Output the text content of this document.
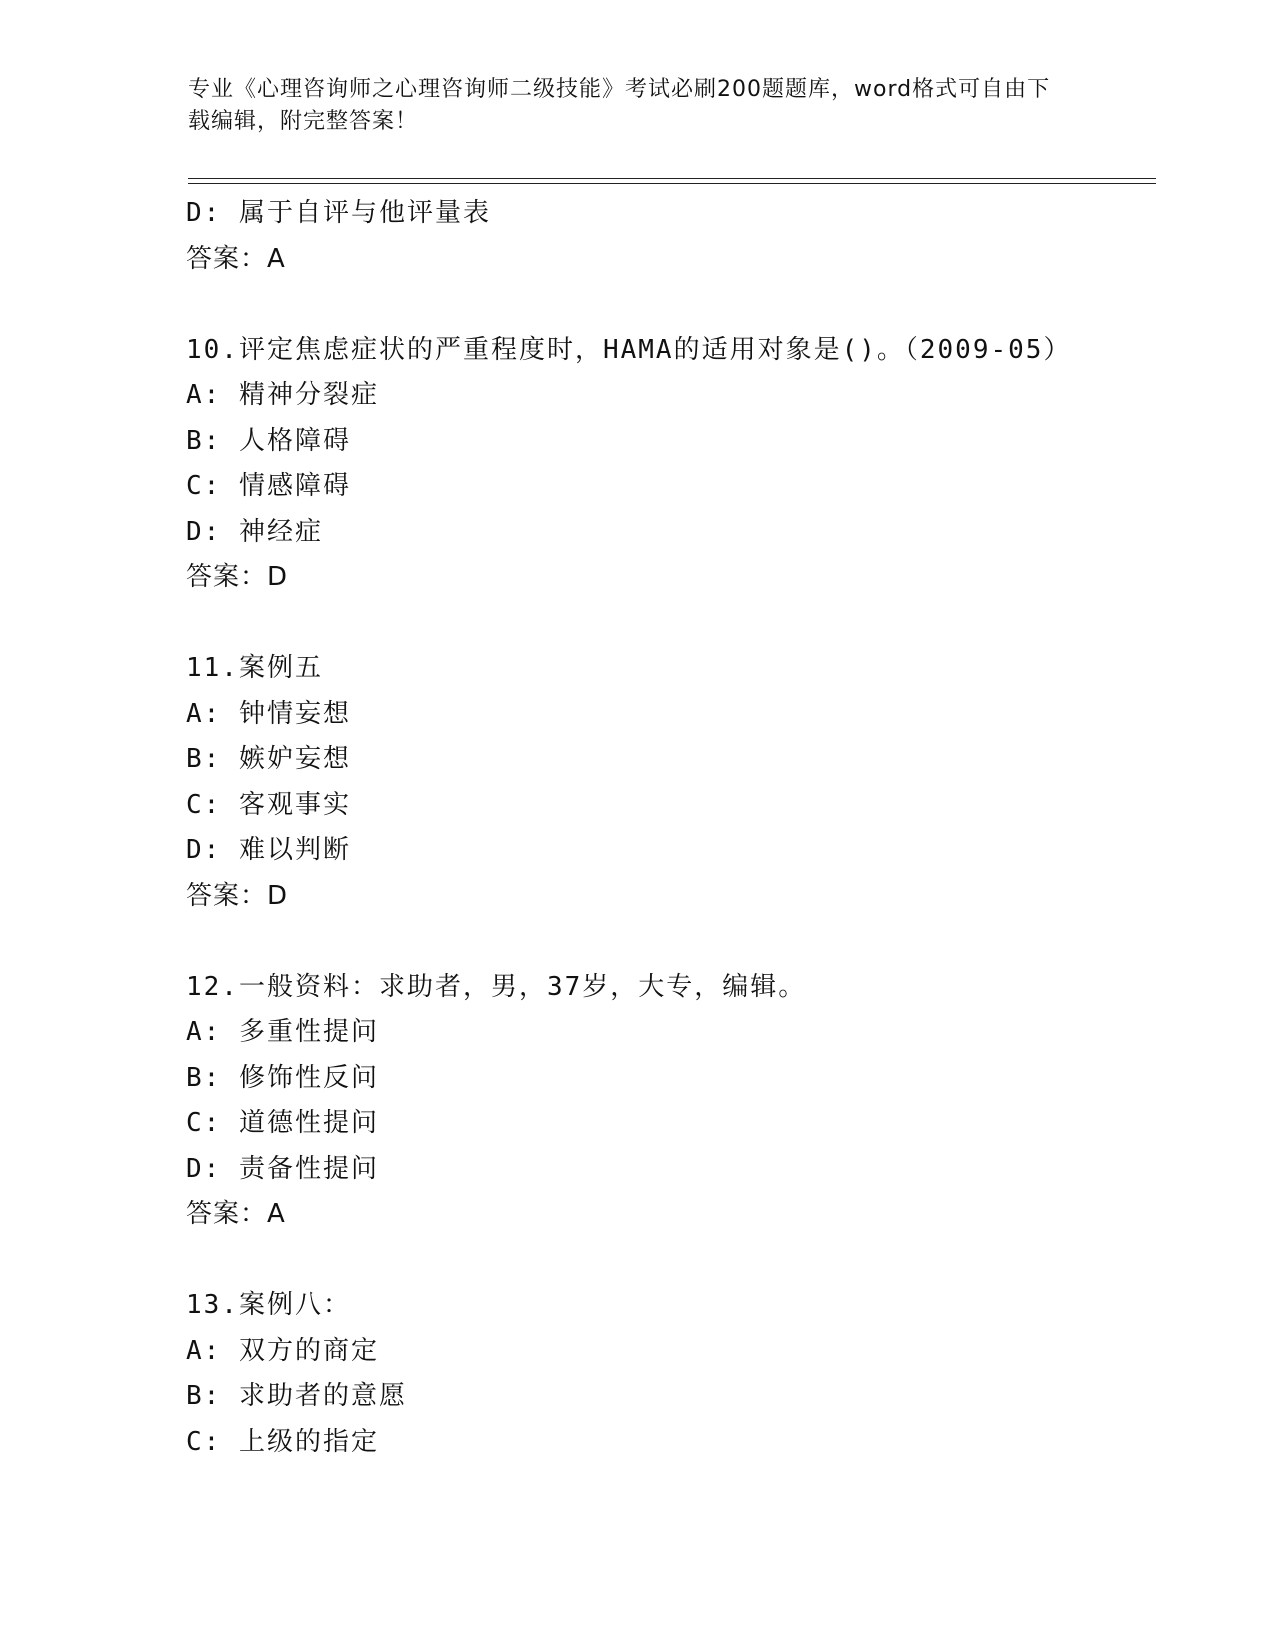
专业《心理咨询师之心理咨询师二级技能》考试必刷200题题库，word格式可自由下载编辑，附完整答案！
D: 属于自评与他评量表
答案：A
10.评定焦虑症状的严重程度时，HAMA的适用对象是()。（2009-05）
A: 精神分裂症
B: 人格障碍
C: 情感障碍
D: 神经症
答案：D
11.案例五
A: 钟情妄想
B: 嫉妒妄想
C: 客观事实
D: 难以判断
答案：D
12.一般资料：求助者，男，37岁，大专，编辑。
A: 多重性提问
B: 修饰性反问
C: 道德性提问
D: 责备性提问
答案：A
13.案例八：
A: 双方的商定
B: 求助者的意愿
C: 上级的指定
